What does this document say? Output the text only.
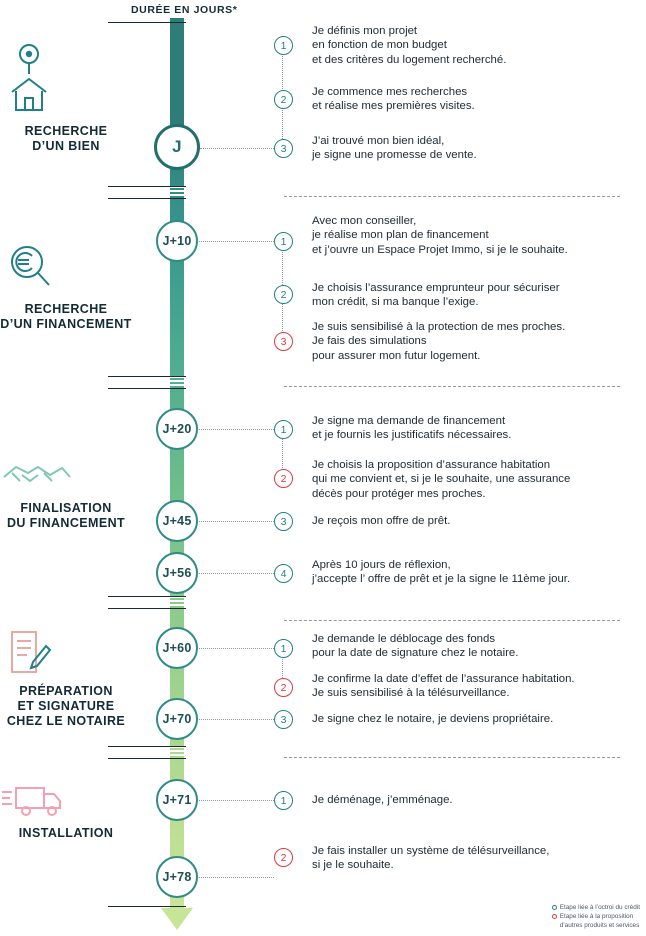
DURÉE EN JOURS*
RECHERCHE
D’UN BIEN	J
1
Je définis mon projet
en fonction de mon budget
et des critères du logement recherché.
2
Je commence mes recherches
et réalise mes premières visites.
3
J’ai trouvé mon bien idéal,
je signe une promesse de vente.
RECHERCHE
D’UN FINANCEMENT
J+10	1
Avec mon conseiller,
je réalise mon plan de financement
et j’ouvre un Espace Projet Immo, si je le souhaite.
2
Je choisis l’assurance emprunteur pour sécuriser
mon crédit, si ma banque l’exige.
3
Je suis sensibilisé à la protection de mes proches.
Je fais des simulations
pour assurer mon futur logement.
FINALISATION
DU FINANCEMENT
J+20
J+45
J+56
1
Je signe ma demande de financement
et je fournis les justificatifs nécessaires.
2
Je choisis la proposition d’assurance habitation
qui me convient et, si je le souhaite, une assurance
décès pour protéger mes proches.
3 Je reçois mon offre de prêt.
4
Après 10 jours de réflexion,
j’accepte l’ offre de prêt et je la signe le 11ème jour.
PRÉPARATION
ET SIGNATURE
CHEZ LE NOTAIRE
J+60
J+70
1
Je demande le déblocage des fonds
pour la date de signature chez le notaire.
2
Je confirme la date d’effet de l’assurance habitation.
Je suis sensibilisé à la télésurveillance.
3 Je signe chez le notaire, je deviens propriétaire.
INSTALLATION
J+71
J+78
1 Je déménage, j’emménage.
2
Je fais installer un système de télésurveillance,
si je le souhaite.
Etape liée à l’octroi du crédit
Etape liée à la proposition
d’autres produits et services
